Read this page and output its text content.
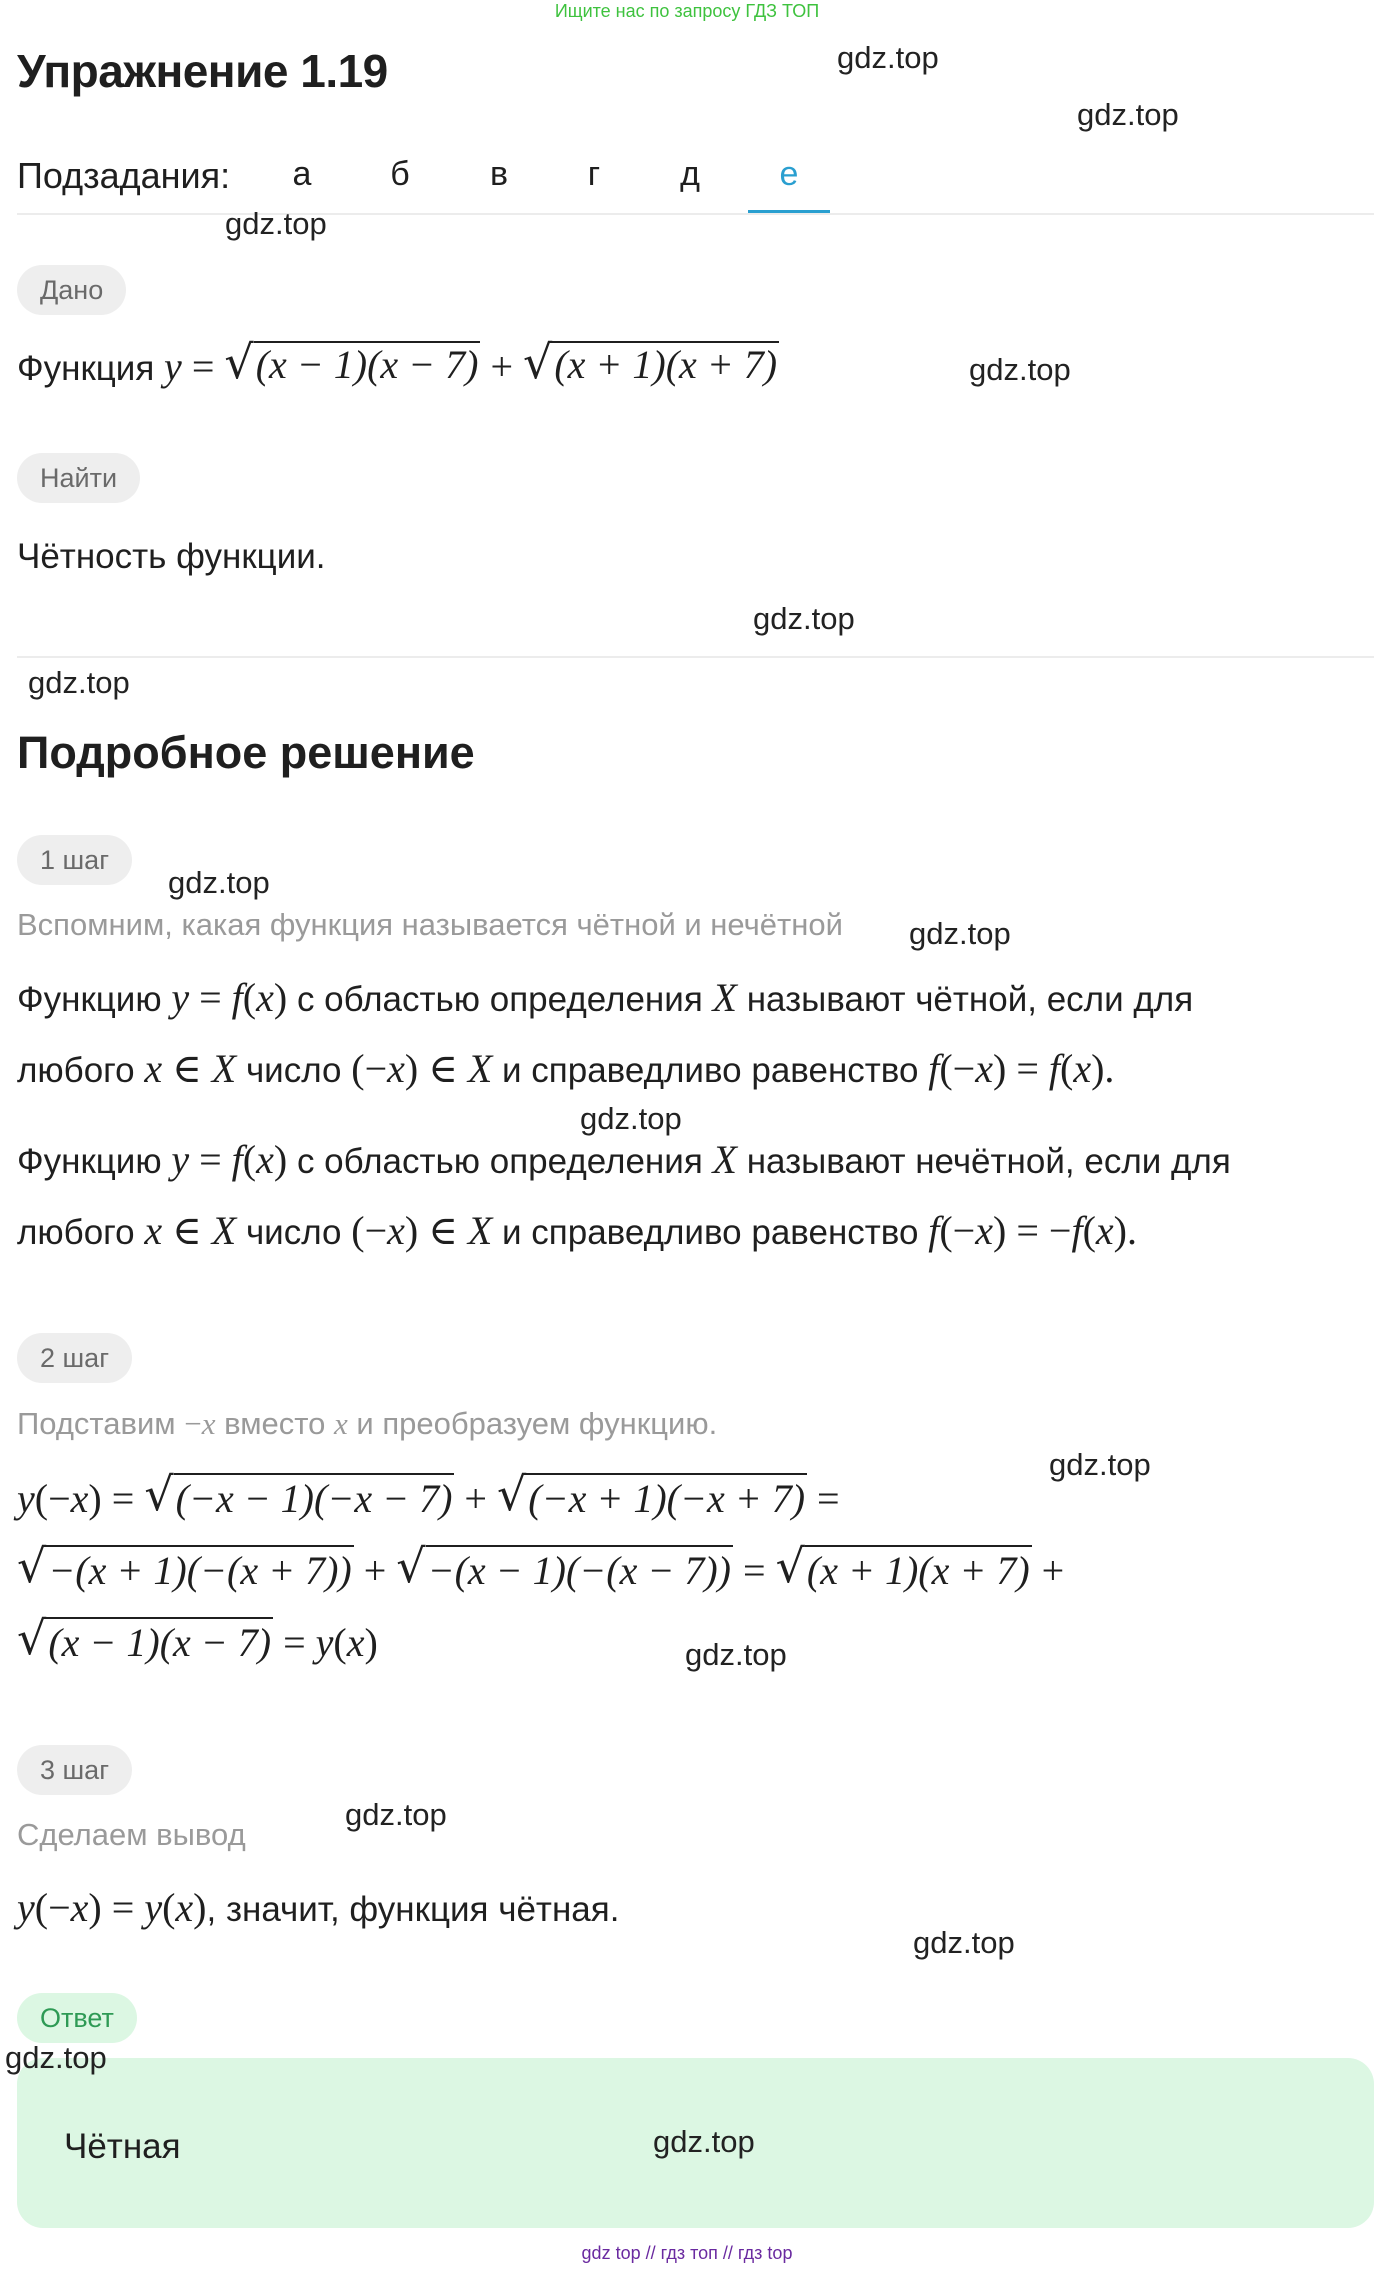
Ищите нас по запросу ГДЗ ТОП
Упражнение 1.19
Подзадания:	а	б	в	г	д	е
Дано
Функция y = √ (x − 1)(x − 7) + √ (x + 1)(x + 7)
Найти
Чётность функции.
Подробное решение
1 шаг
Вспомним, какая функция называется чётной и нечётной
Функцию y = f(x) с областью определения X называют чётной, если для
любого x ∈ X число (−x) ∈ X и справедливо равенство f(−x) = f(x).
Функцию y = f(x) с областью определения X называют нечётной, если для
любого x ∈ X число (−x) ∈ X и справедливо равенство f(−x) = −f(x).
2 шаг
Подставим −x вместо x и преобразуем функцию.
y(−x) = √ (−x − 1)(−x − 7) + √ (−x + 1)(−x + 7) =
√ −(x + 1)(−(x + 7)) + √ −(x − 1)(−(x − 7)) = √ (x + 1)(x + 7) +
√ (x − 1)(x − 7) = y(x)
3 шаг
Сделаем вывод
y(−x) = y(x), значит, функция чётная.
Ответ
Чётная
gdz.top
gdz.top
gdz.top
gdz.top
gdz.top
gdz.top
gdz.top
gdz.top
gdz.top
gdz.top
gdz.top
gdz.top
gdz.top
gdz.top
gdz.top
gdz top // гдз топ // гдз top
